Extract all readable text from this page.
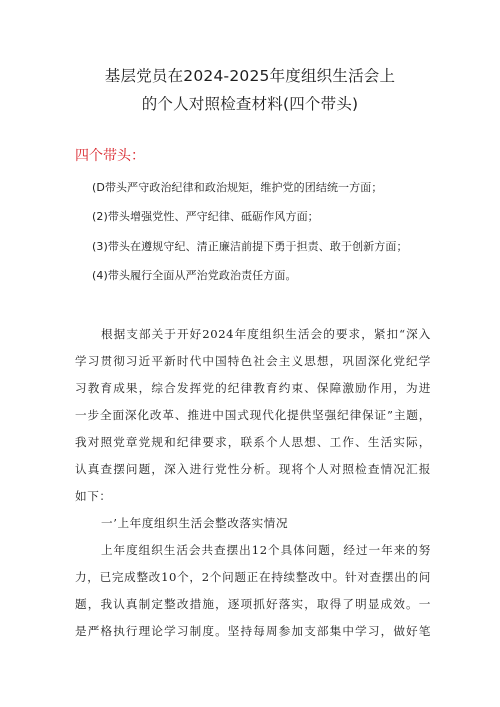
基层党员在2024-2025年度组织生活会上
的个人对照检查材料(四个带头)
四个带头：
(D带头严守政治纪律和政治规矩，维护党的团结统一方面；
(2)带头增强党性、严守纪律、砥砺作风方面；
(3)带头在遵规守纪、清正廉洁前提下勇于担责、敢于创新方面；
(4)带头履行全面从严治党政治责任方面。
根据支部关于开好2024年度组织生活会的要求，紧扣“深入
学习贯彻习近平新时代中国特色社会主义思想，巩固深化党纪学
习教育成果，综合发挥党的纪律教育约束、保障激励作用，为进
一步全面深化改革、推进中国式现代化提供坚强纪律保证”主题，
我对照党章党规和纪律要求，联系个人思想、工作、生活实际，
认真查摆问题，深入进行党性分析。现将个人对照检查情况汇报
如下：
一’上年度组织生活会整改落实情况
上年度组织生活会共查摆出12个具体问题，经过一年来的努
力，已完成整改10个，2个问题正在持续整改中。针对查摆出的问
题，我认真制定整改措施，逐项抓好落实，取得了明显成效。一
是严格执行理论学习制度。坚持每周参加支部集中学习，做好笔
